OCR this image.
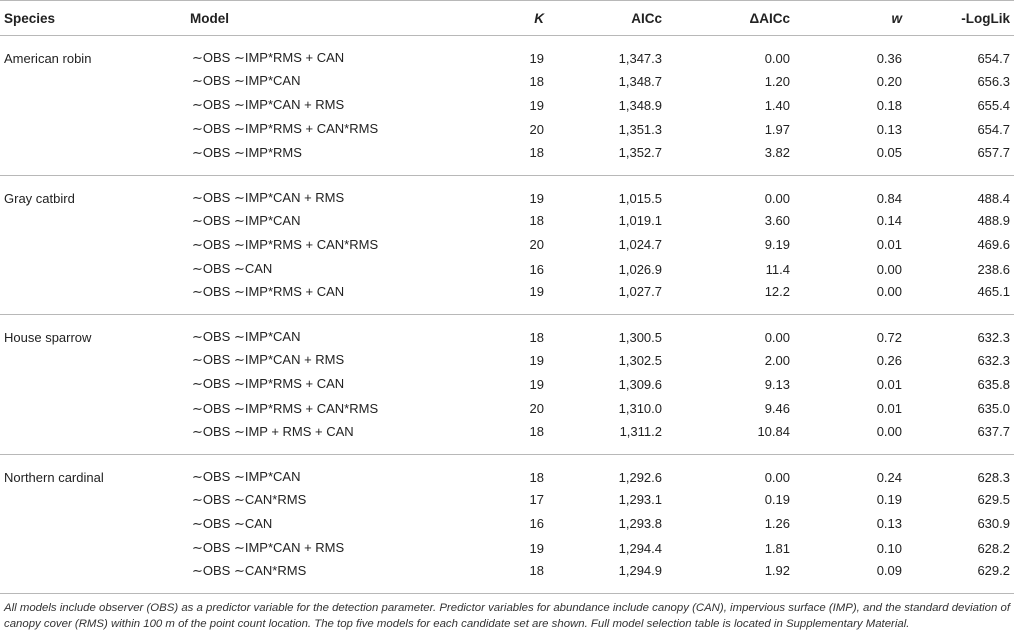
Species	Model	K	AICc	ΔAICc	w	-LogLik
American robin	∼OBS ∼IMP*RMS + CAN	19	1,347.3	0.00	0.36	654.7
	∼OBS ∼IMP*CAN	18	1,348.7	1.20	0.20	656.3
	∼OBS ∼IMP*CAN + RMS	19	1,348.9	1.40	0.18	655.4
	∼OBS ∼IMP*RMS + CAN*RMS	20	1,351.3	1.97	0.13	654.7
	∼OBS ∼IMP*RMS	18	1,352.7	3.82	0.05	657.7
Gray catbird	∼OBS ∼IMP*CAN + RMS	19	1,015.5	0.00	0.84	488.4
	∼OBS ∼IMP*CAN	18	1,019.1	3.60	0.14	488.9
	∼OBS ∼IMP*RMS + CAN*RMS	20	1,024.7	9.19	0.01	469.6
	∼OBS ∼CAN	16	1,026.9	11.4	0.00	238.6
	∼OBS ∼IMP*RMS + CAN	19	1,027.7	12.2	0.00	465.1
House sparrow	∼OBS ∼IMP*CAN	18	1,300.5	0.00	0.72	632.3
	∼OBS ∼IMP*CAN + RMS	19	1,302.5	2.00	0.26	632.3
	∼OBS ∼IMP*RMS + CAN	19	1,309.6	9.13	0.01	635.8
	∼OBS ∼IMP*RMS + CAN*RMS	20	1,310.0	9.46	0.01	635.0
	∼OBS ∼IMP + RMS + CAN	18	1,311.2	10.84	0.00	637.7
Northern cardinal	∼OBS ∼IMP*CAN	18	1,292.6	0.00	0.24	628.3
	∼OBS ∼CAN*RMS	17	1,293.1	0.19	0.19	629.5
	∼OBS ∼CAN	16	1,293.8	1.26	0.13	630.9
	∼OBS ∼IMP*CAN + RMS	19	1,294.4	1.81	0.10	628.2
	∼OBS ∼CAN*RMS	18	1,294.9	1.92	0.09	629.2
All models include observer (OBS) as a predictor variable for the detection parameter. Predictor variables for abundance include canopy (CAN), impervious surface (IMP), and the standard deviation of canopy cover (RMS) within 100 m of the point count location. The top five models for each candidate set are shown. Full model selection table is located in Supplementary Material.
